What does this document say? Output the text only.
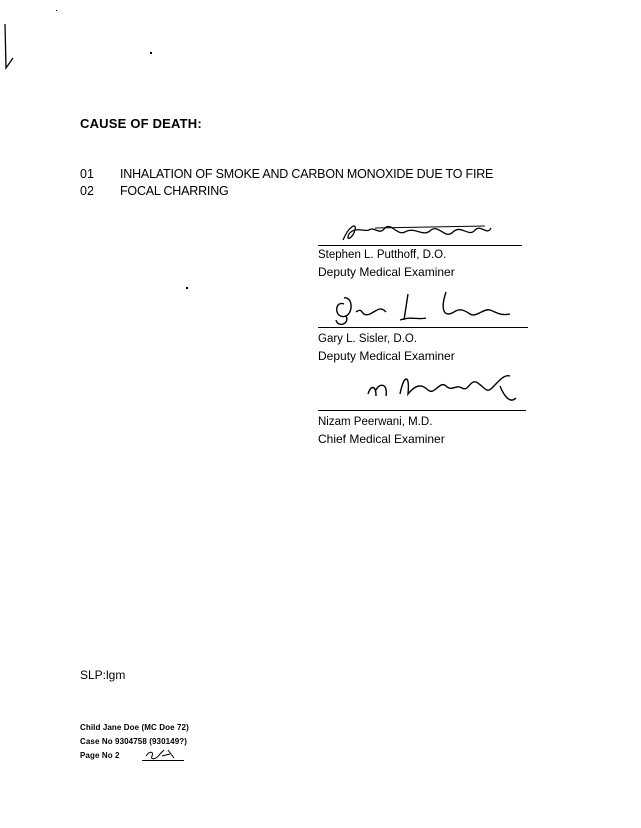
CAUSE OF DEATH:
01 INHALATION OF SMOKE AND CARBON MONOXIDE DUE TO FIRE
02 FOCAL CHARRING
Stephen L. Putthoff, D.O.
Deputy Medical Examiner
Gary L. Sisler, D.O.
Deputy Medical Examiner
Nizam Peerwani, M.D.
Chief Medical Examiner
SLP:lgm
Child Jane Doe (MC Doe 72)
Case No 9304758 (930149?)
Page No 2
